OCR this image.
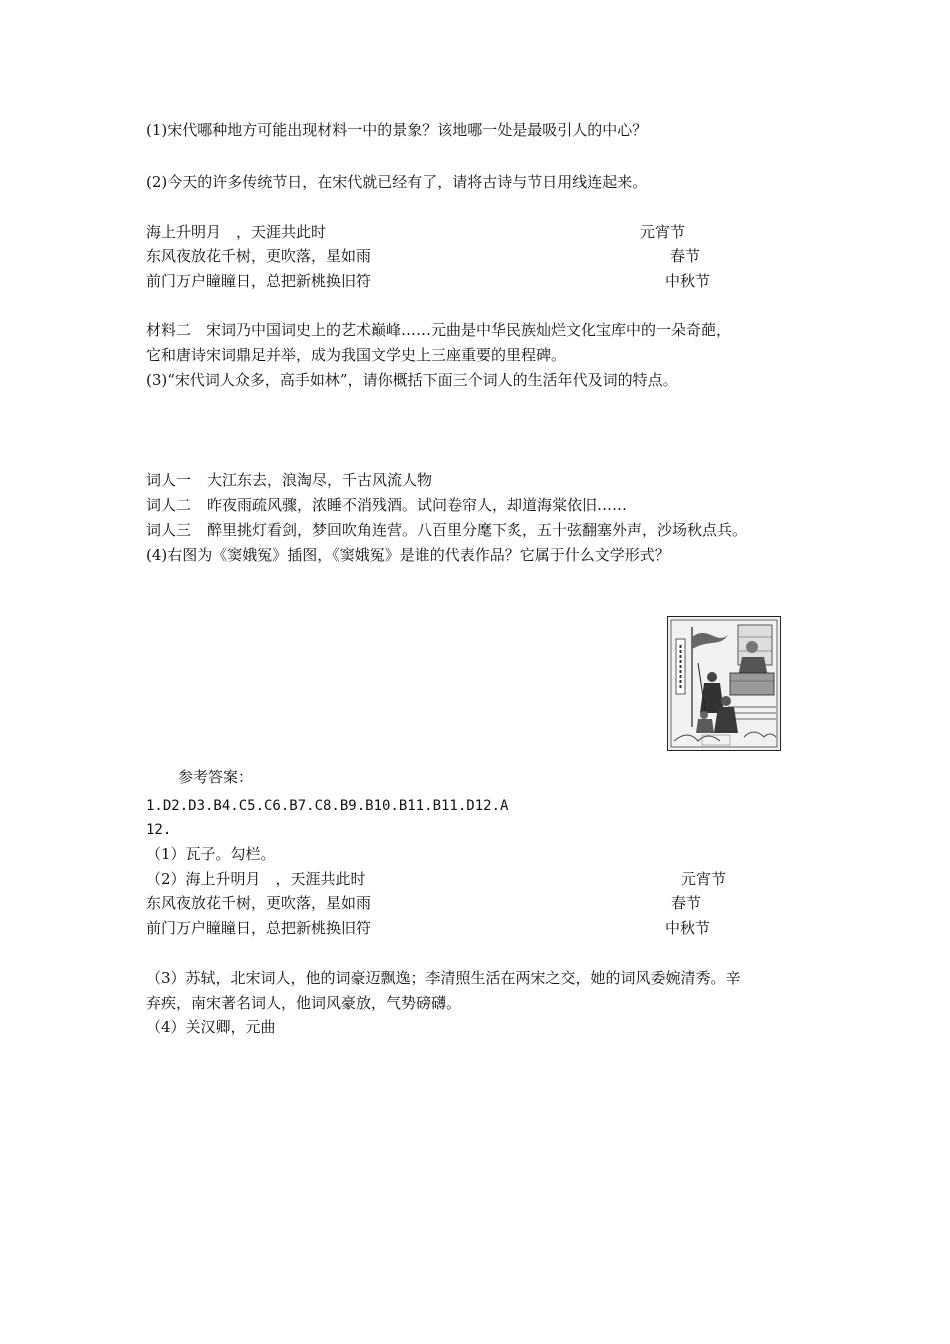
(1)宋代哪种地方可能出现材料一中的景象？该地哪一处是最吸引人的中心？
(2)今天的许多传统节日，在宋代就已经有了，请将古诗与节日用线连起来。
海上升明月　，天涯共此时	元宵节
东风夜放花千树，更吹落，星如雨	春节
前门万户瞳瞳日，总把新桃换旧符	中秋节
材料二　宋词乃中国词史上的艺术巅峰……元曲是中华民族灿烂文化宝库中的一朵奇葩，
它和唐诗宋词鼎足并举，成为我国文学史上三座重要的里程碑。
(3)“宋代词人众多，高手如林”，请你概括下面三个词人的生活年代及词的特点。
词人一 大江东去，浪淘尽，千古风流人物
词人二 昨夜雨疏风骤，浓睡不消残酒。试问卷帘人，却道海棠依旧……
词人三 醉里挑灯看剑，梦回吹角连营。八百里分麾下炙，五十弦翻塞外声，沙场秋点兵。
(4)右图为《窦娥冤》插图，《窦娥冤》是谁的代表作品？它属于什么文学形式？
参考答案：
1.D2.D3.B4.C5.C6.B7.C8.B9.B10.B11.B11.D12.A
12.
（1）瓦子。勾栏。
（2）海上升明月　，天涯共此时	元宵节
东风夜放花千树，更吹落，星如雨	春节
前门万户瞳瞳日，总把新桃换旧符	中秋节
（3）苏轼，北宋词人，他的词豪迈飘逸；李清照生活在两宋之交，她的词风委婉清秀。辛
弃疾，南宋著名词人，他词风豪放，气势磅礴。
（4）关汉卿，元曲
